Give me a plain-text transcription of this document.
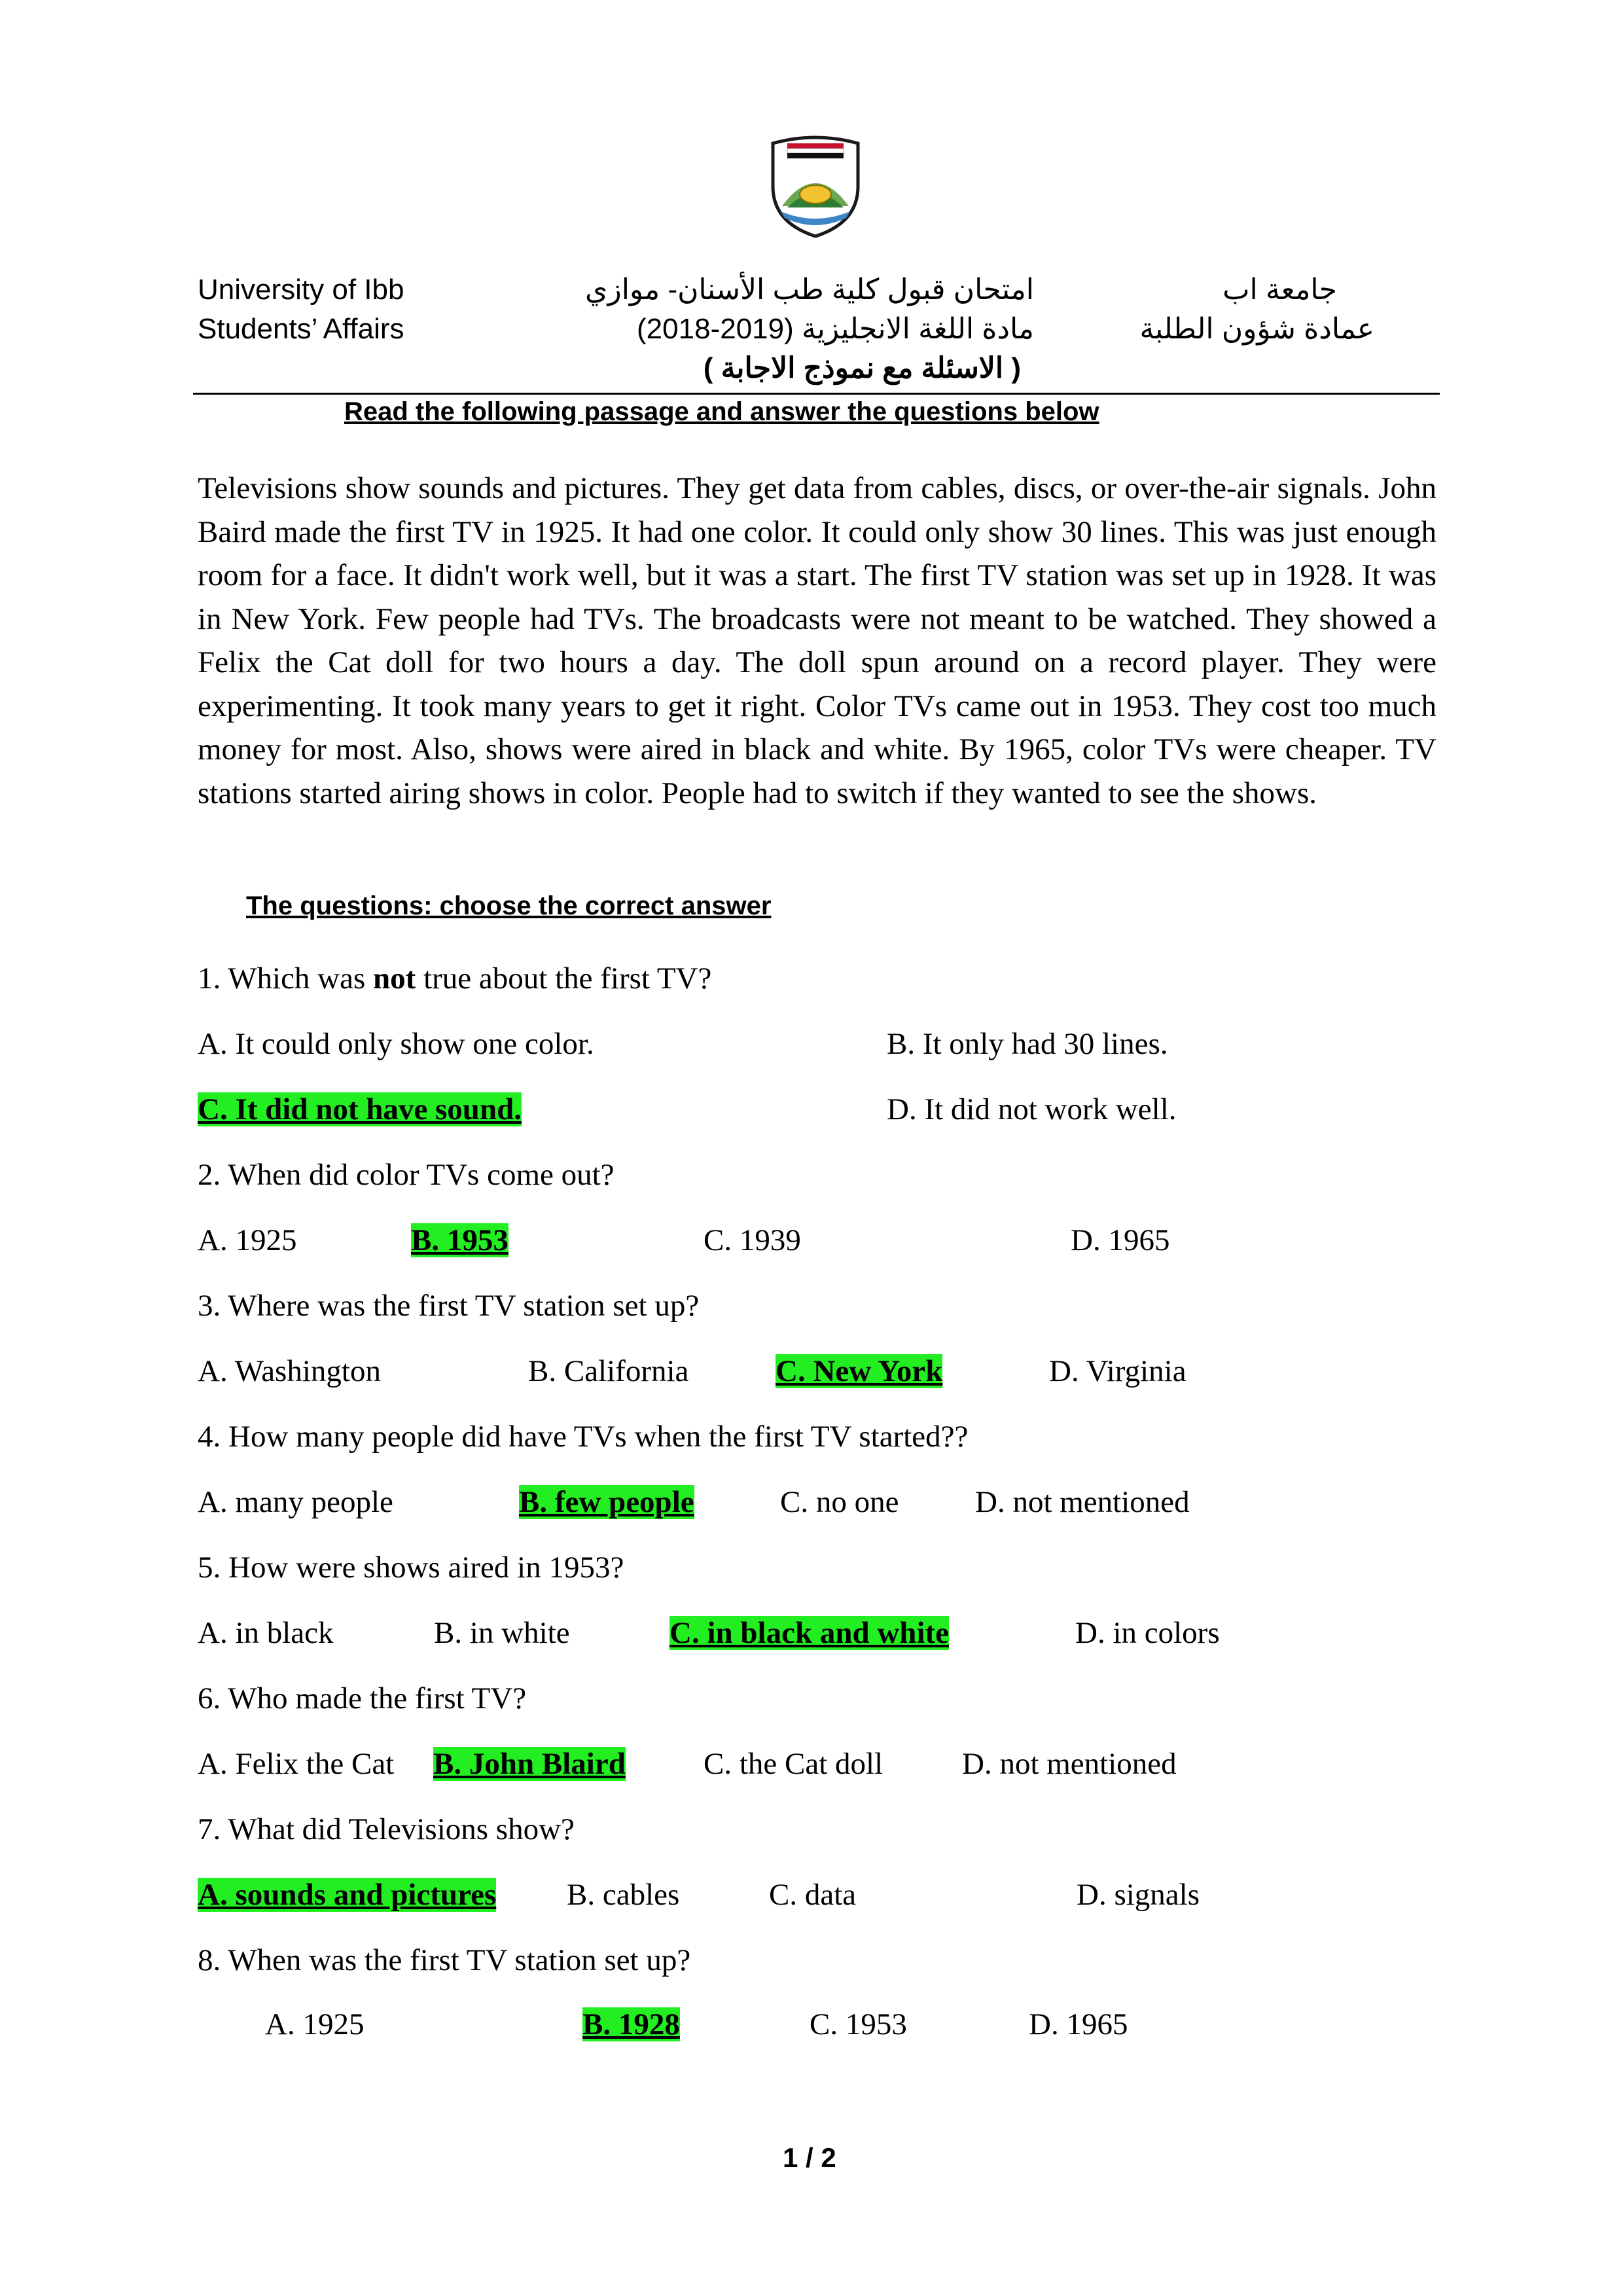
University of Ibb
Students’ Affairs
امتحان قبول كلية طب الأسنان- موازي
مادة اللغة الانجليزية (2019-2018)
( الاسئلة مع نموذج الاجابة )
جامعة اب
عمادة شؤون الطلبة
Read the following passage and answer the questions below
Televisions show sounds and pictures. They get data from cables, discs, or over-the-air signals. John Baird made the first TV in 1925. It had one color. It could only show 30 lines. This was just enough room for a face. It didn't work well, but it was a start. The first TV station was set up in 1928. It was in New York. Few people had TVs. The broadcasts were not meant to be watched. They showed a Felix the Cat doll for two hours a day. The doll spun around on a record player. They were experimenting. It took many years to get it right. Color TVs came out in 1953. They cost too much money for most. Also, shows were aired in black and white. By 1965, color TVs were cheaper. TV stations started airing shows in color. People had to switch if they wanted to see the shows.
The questions: choose the correct answer
1. Which was not true about the first TV?
A. It could only show one color.	B. It only had 30 lines.
C. It did not have sound.	D. It did not work well.
2. When did color TVs come out?
A. 1925	B. 1953	C. 1939	D. 1965
3. Where was the first TV station set up?
A. Washington	B. California	C. New York	D. Virginia
4. How many people did have TVs when the first TV started??
A. many people	B. few people	C. no one D. not mentioned
5. How were shows aired in 1953?
A. in black	B. in white	C. in black and white	D. in colors
6. Who made the first TV?
A. Felix the Cat B. John Blaird	C. the Cat doll	D. not mentioned
7. What did Televisions show?
A. sounds and pictures B. cables	C. data	D. signals
8. When was the first TV station set up?
A. 1925	B. 1928	C. 1953	D. 1965
1 / 2
